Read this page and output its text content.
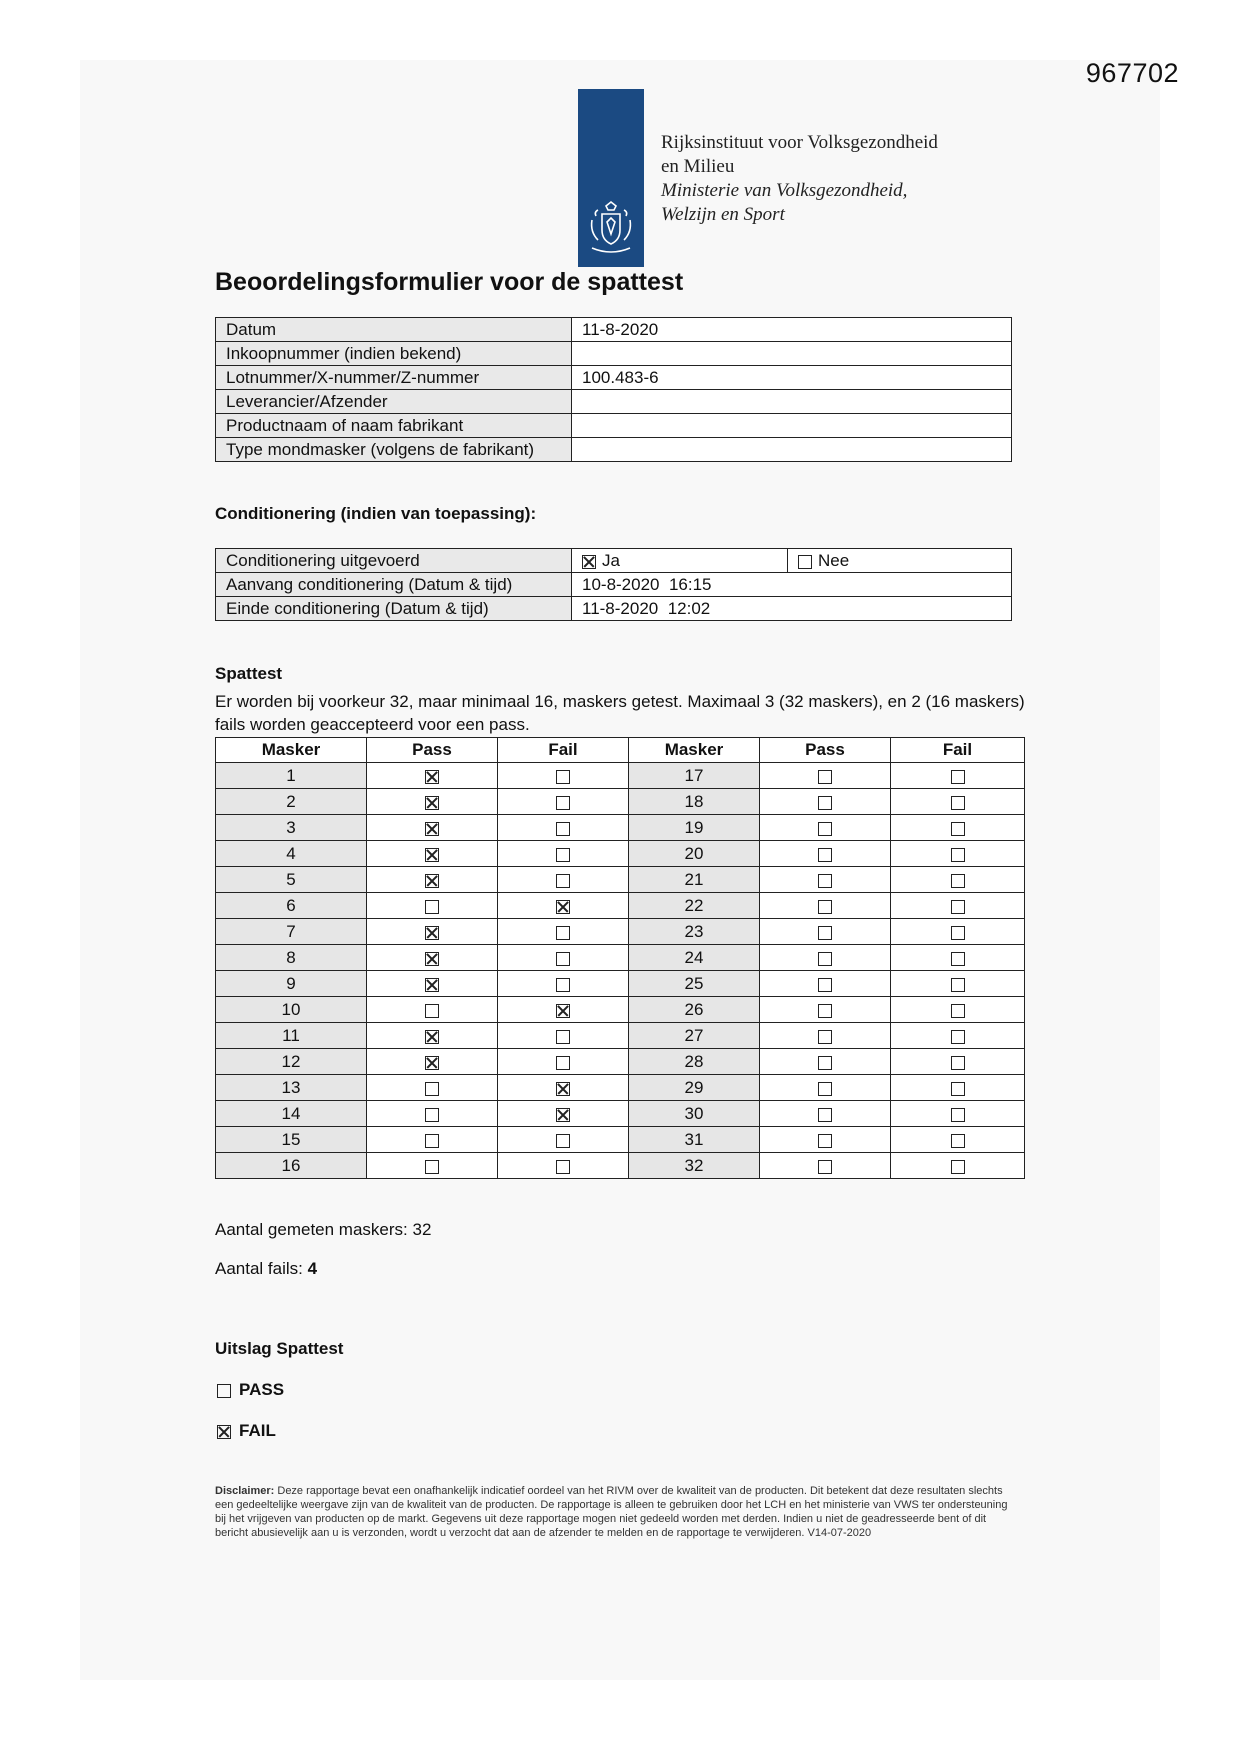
967702
Rijksinstituut voor Volksgezondheid
en Milieu
Ministerie van Volksgezondheid,
Welzijn en Sport
Beoordelingsformulier voor de spattest
Datum	11-8-2020
Inkoopnummer (indien bekend)	
Lotnummer/X-nummer/Z-nummer	100.483-6
Leverancier/Afzender	
Productnaam of naam fabrikant	
Type mondmasker (volgens de fabrikant)	
Conditionering (indien van toepassing):
Conditionering uitgevoerd	Ja	Nee
Aanvang conditionering (Datum & tijd)	10-8-2020  16:15	
Einde conditionering (Datum & tijd)	11-8-2020  12:02	
Spattest
Er worden bij voorkeur 32, maar minimaal 16, maskers getest. Maximaal 3 (32 maskers), en 2 (16 maskers) fails worden geaccepteerd voor een pass.
Masker	Pass	Fail	Masker	Pass	Fail
1			17		
2			18		
3			19		
4			20		
5			21		
6			22		
7			23		
8			24		
9			25		
10			26		
11			27		
12			28		
13			29		
14			30		
15			31		
16			32		
Aantal gemeten maskers: 32
Aantal fails: 4
Uitslag Spattest
PASS
FAIL
Disclaimer: Deze rapportage bevat een onafhankelijk indicatief oordeel van het RIVM over de kwaliteit van de producten. Dit betekent dat deze resultaten slechts een gedeeltelijke weergave zijn van de kwaliteit van de producten. De rapportage is alleen te gebruiken door het LCH en het ministerie van VWS ter ondersteuning bij het vrijgeven van producten op de markt. Gegevens uit deze rapportage mogen niet gedeeld worden met derden. Indien u niet de geadresseerde bent of dit bericht abusievelijk aan u is verzonden, wordt u verzocht dat aan de afzender te melden en de rapportage te verwijderen. V14-07-2020
